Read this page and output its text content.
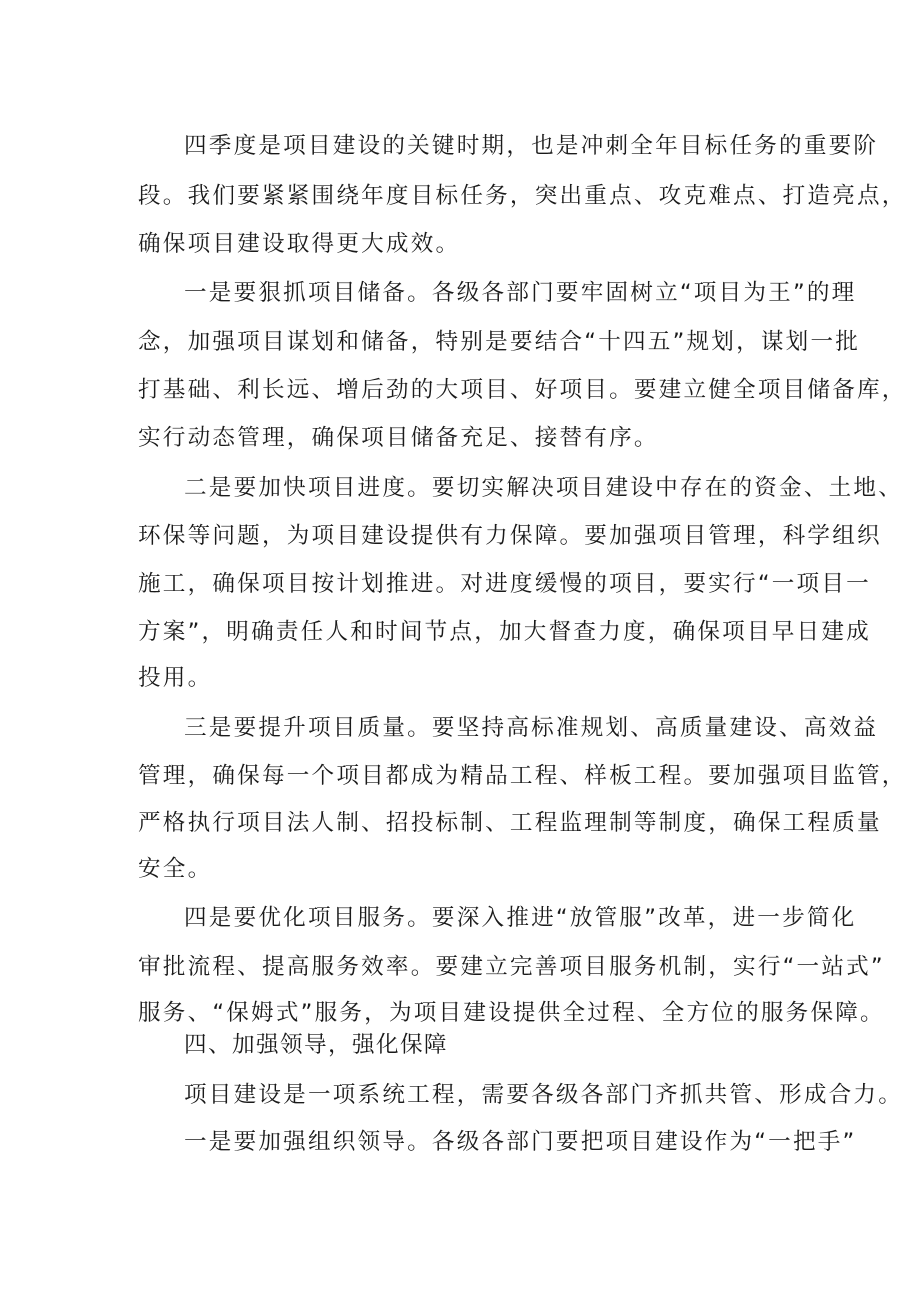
四季度是项目建设的关键时期，也是冲刺全年目标任务的重要阶

段。我们要紧紧围绕年度目标任务，突出重点、攻克难点、打造亮点，

确保项目建设取得更大成效。

一是要狠抓项目储备。各级各部门要牢固树立“项目为王”的理

念，加强项目谋划和储备，特别是要结合“十四五”规划，谋划一批

打基础、利长远、增后劲的大项目、好项目。要建立健全项目储备库，

实行动态管理，确保项目储备充足、接替有序。

二是要加快项目进度。要切实解决项目建设中存在的资金、土地、

环保等问题，为项目建设提供有力保障。要加强项目管理，科学组织

施工，确保项目按计划推进。对进度缓慢的项目，要实行“一项目一

方案”，明确责任人和时间节点，加大督查力度，确保项目早日建成

投用。

三是要提升项目质量。要坚持高标准规划、高质量建设、高效益

管理，确保每一个项目都成为精品工程、样板工程。要加强项目监管，

严格执行项目法人制、招投标制、工程监理制等制度，确保工程质量

安全。

四是要优化项目服务。要深入推进“放管服”改革，进一步简化

审批流程、提高服务效率。要建立完善项目服务机制，实行“一站式”

服务、“保姆式”服务，为项目建设提供全过程、全方位的服务保障。

四、加强领导，强化保障

项目建设是一项系统工程，需要各级各部门齐抓共管、形成合力。

一是要加强组织领导。各级各部门要把项目建设作为“一把手”
